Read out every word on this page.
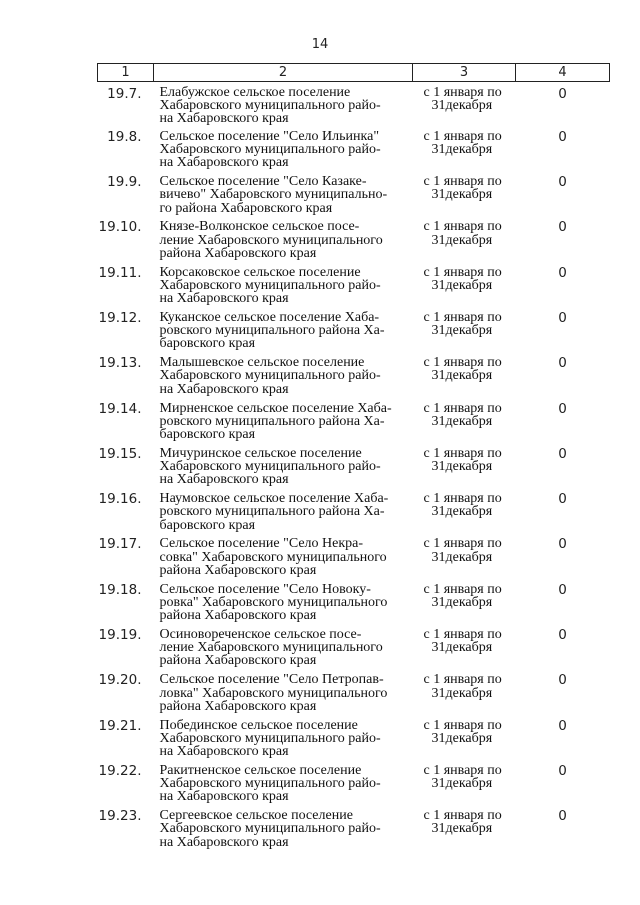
14
1	2	3	4
19.7.	Елабужское сельское поселение
Хабаровского муниципального райо-
на Хабаровского края	с 1 января по
31декабря	0
19.8.	Сельское поселение "Село Ильинка"
Хабаровского муниципального райо-
на Хабаровского края	с 1 января по
31декабря	0
19.9.	Сельское поселение "Село Казаке-
вичево" Хабаровского муниципально-
го района Хабаровского края	с 1 января по
31декабря	0
19.10.	Князе-Волконское сельское посе-
ление Хабаровского муниципального
района Хабаровского края	с 1 января по
31декабря	0
19.11.	Корсаковское сельское поселение
Хабаровского муниципального райо-
на Хабаровского края	с 1 января по
31декабря	0
19.12.	Куканское сельское поселение Хаба-
ровского муниципального района Ха-
баровского края	с 1 января по
31декабря	0
19.13.	Малышевское сельское поселение
Хабаровского муниципального райо-
на Хабаровского края	с 1 января по
31декабря	0
19.14.	Мирненское сельское поселение Хаба-
ровского муниципального района Ха-
баровского края	с 1 января по
31декабря	0
19.15.	Мичуринское сельское поселение
Хабаровского муниципального райо-
на Хабаровского края	с 1 января по
31декабря	0
19.16.	Наумовское сельское поселение Хаба-
ровского муниципального района Ха-
баровского края	с 1 января по
31декабря	0
19.17.	Сельское поселение "Село Некра-
совка" Хабаровского муниципального
района Хабаровского края	с 1 января по
31декабря	0
19.18.	Сельское поселение "Село Новоку-
ровка" Хабаровского муниципального
района Хабаровского края	с 1 января по
31декабря	0
19.19.	Осиновореченское сельское посе-
ление Хабаровского муниципального
района Хабаровского края	с 1 января по
31декабря	0
19.20.	Сельское поселение "Село Петропав-
ловка" Хабаровского муниципального
района Хабаровского края	с 1 января по
31декабря	0
19.21.	Побединское сельское поселение
Хабаровского муниципального райо-
на Хабаровского края	с 1 января по
31декабря	0
19.22.	Ракитненское сельское поселение
Хабаровского муниципального райо-
на Хабаровского края	с 1 января по
31декабря	0
19.23.	Сергеевское сельское поселение
Хабаровского муниципального райо-
на Хабаровского края	с 1 января по
31декабря	0
